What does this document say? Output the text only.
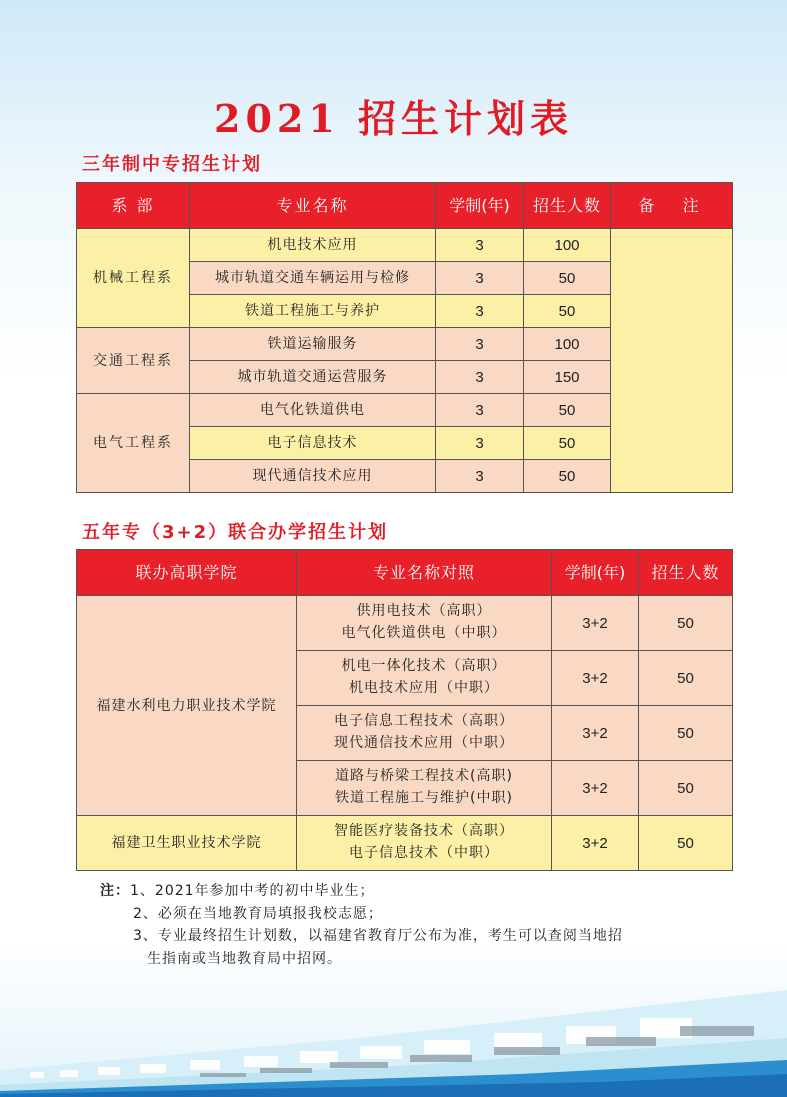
2021 招生计划表
三年制中专招生计划
系 部	专业名称	学制(年)	招生人数	备  注
机械工程系	机电技术应用	3	100	
	城市轨道交通车辆运用与检修	3	50	
	铁道工程施工与养护	3	50	
交通工程系	铁道运输服务	3	100	
	城市轨道交通运营服务	3	150	
电气工程系	电气化铁道供电	3	50	
	电子信息技术	3	50	
	现代通信技术应用	3	50	
五年专（3+2）联合办学招生计划
联办高职学院	专业名称对照	学制(年)	招生人数
福建水利电力职业技术学院	供用电技术（高职）
电气化铁道供电（中职）	3+2	50

	机电一体化技术（高职）
机电技术应用（中职）	3+2	50

	电子信息工程技术（高职）
现代通信技术应用（中职）	3+2	50

	道路与桥梁工程技术(高职)
铁道工程施工与维护(中职)	3+2	50
福建卫生职业技术学院	智能医疗装备技术（高职）
电子信息技术（中职）	3+2	50
注：1、2021年参加中考的初中毕业生；
2、必须在当地教育局填报我校志愿；
3、专业最终招生计划数，以福建省教育厅公布为准，考生可以查阅当地招
生指南或当地教育局中招网。
